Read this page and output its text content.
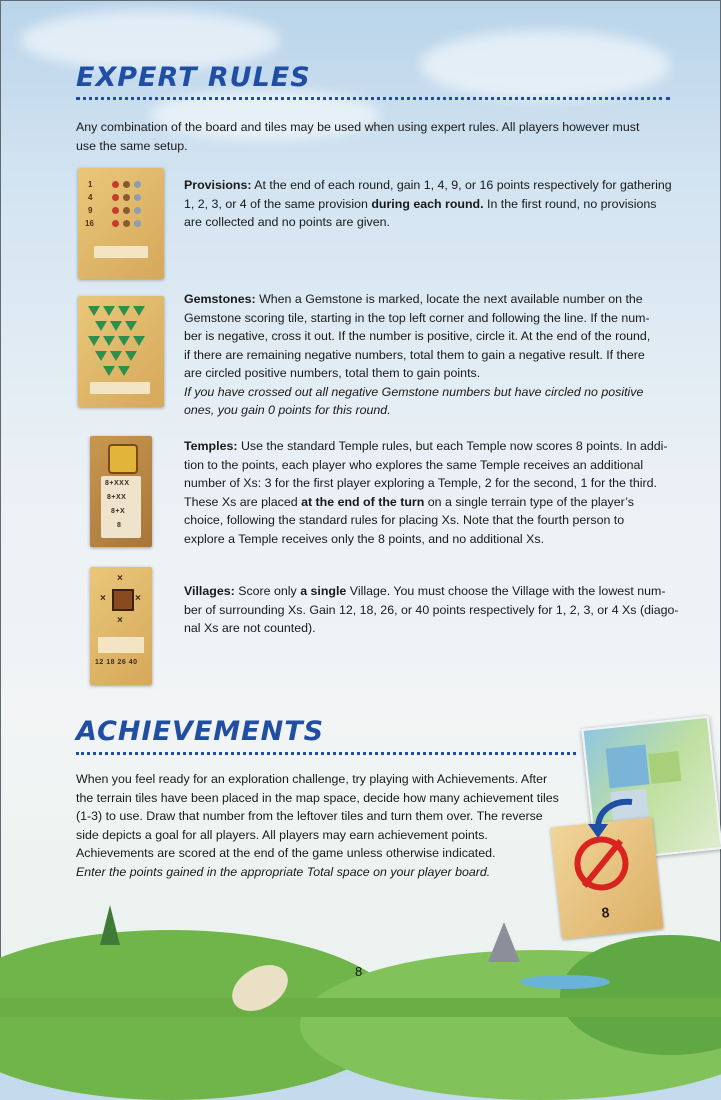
EXPERT RULES
Any combination of the board and tiles may be used when using expert rules. All players however must
use the same setup.
1
4
9
16
Provisions: At the end of each round, gain 1, 4, 9, or 16 points respectively for gathering
1, 2, 3, or 4 of the same provision during each round. In the first round, no provisions
are collected and no points are given.
Gemstones: When a Gemstone is marked, locate the next available number on the
Gemstone scoring tile, starting in the top left corner and following the line. If the num-
ber is negative, cross it out. If the number is positive, circle it. At the end of the round,
if there are remaining negative numbers, total them to gain a negative result. If there
are circled positive numbers, total them to gain points.
If you have crossed out all negative Gemstone numbers but have circled no positive
ones, you gain 0 points for this round.
8+XXX
8+XX
8+X
8
Temples: Use the standard Temple rules, but each Temple now scores 8 points. In addi-
tion to the points, each player who explores the same Temple receives an additional
number of Xs: 3 for the first player exploring a Temple, 2 for the second, 1 for the third.
These Xs are placed at the end of the turn on a single terrain type of the player’s
choice, following the standard rules for placing Xs. Note that the fourth person to
explore a Temple receives only the 8 points, and no additional Xs.
×
×	×
×
12 18 26 40
Villages: Score only a single Village. You must choose the Village with the lowest num-
ber of surrounding Xs. Gain 12, 18, 26, or 40 points respectively for 1, 2, 3, or 4 Xs (diago-
nal Xs are not counted).
ACHIEVEMENTS
When you feel ready for an exploration challenge, try playing with Achievements. After
the terrain tiles have been placed in the map space, decide how many achievement tiles
(1-3) to use. Draw that number from the leftover tiles and turn them over. The reverse
side depicts a goal for all players. All players may earn achievement points.
Achievements are scored at the end of the game unless otherwise indicated.
Enter the points gained in the appropriate Total space on your player board.
8
8
